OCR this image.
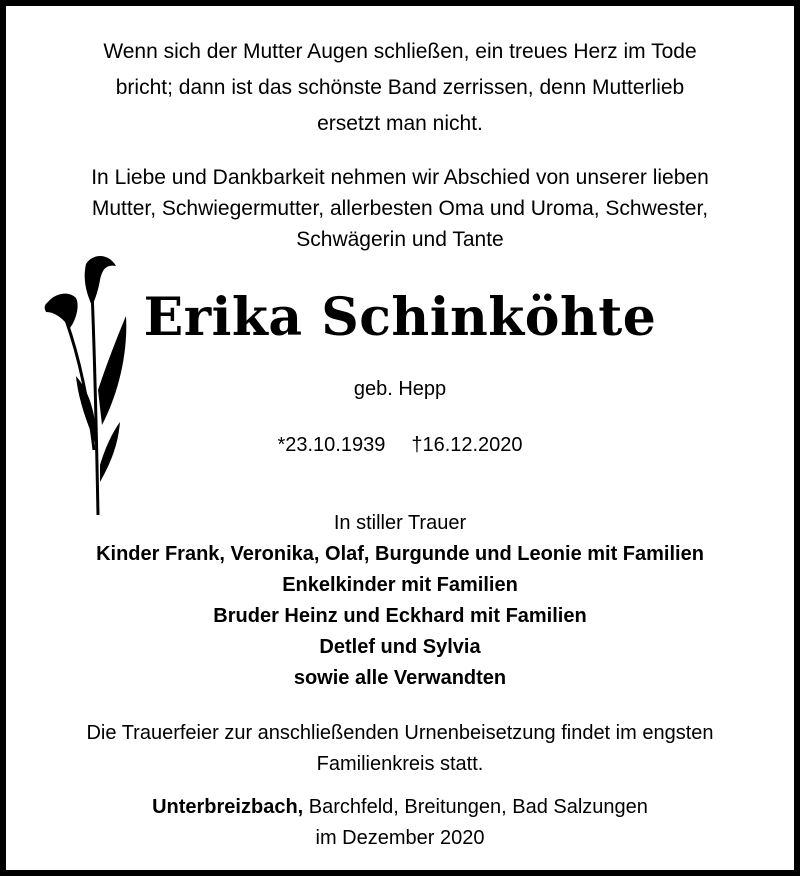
Wenn sich der Mutter Augen schließen, ein treues Herz im Tode
bricht; dann ist das schönste Band zerrissen, denn Mutterlieb
ersetzt man nicht.
In Liebe und Dankbarkeit nehmen wir Abschied von unserer lieben
Mutter, Schwiegermutter, allerbesten Oma und Uroma, Schwester,
Schwägerin und Tante
Erika Schinköhte
geb. Hepp
*23.10.1939 †16.12.2020
In stiller Trauer
Kinder Frank, Veronika, Olaf, Burgunde und Leonie mit Familien
Enkelkinder mit Familien
Bruder Heinz und Eckhard mit Familien
Detlef und Sylvia
sowie alle Verwandten
Die Trauerfeier zur anschließenden Urnenbeisetzung findet im engsten
Familienkreis statt.
Unterbreizbach, Barchfeld, Breitungen, Bad Salzungen
im Dezember 2020
